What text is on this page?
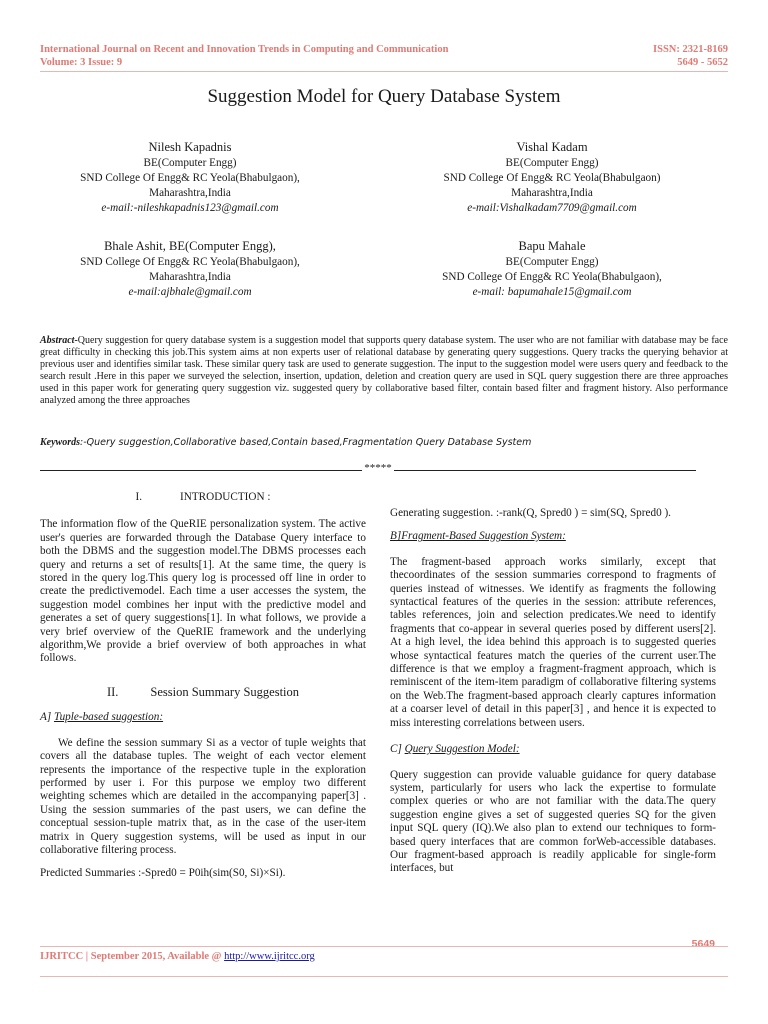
International Journal on Recent and Innovation Trends in Computing and Communication
Volume: 3 Issue: 9
ISSN: 2321-8169
5649 - 5652
Suggestion Model for Query Database System
Nilesh Kapadnis
BE(Computer Engg)
SND College Of Engg& RC Yeola(Bhabulgaon),
Maharashtra,India
e-mail:-nileshkapadnis123@gmail.com
Vishal Kadam
BE(Computer Engg)
SND College Of Engg& RC Yeola(Bhabulgaon)
Maharashtra,India
e-mail:Vishalkadam7709@gmail.com
Bhale Ashit, BE(Computer Engg),
SND College Of Engg& RC Yeola(Bhabulgaon),
Maharashtra,India
e-mail:ajbhale@gmail.com
Bapu Mahale
BE(Computer Engg)
SND College Of Engg& RC Yeola(Bhabulgaon),
e-mail: bapumahale15@gmail.com
Abstract-Query suggestion for query database system is a suggestion model that supports query database system. The user who are not familiar with database may be face great difficulty in checking this job.This system aims at non experts user of relational database by generating query suggestions. Query tracks the querying behavior at previous user and identifies similar task. These similar query task are used to generate suggestion. The input to the suggestion model were users query and feedback to the search result .Here in this paper we surveyed the selection, insertion, updation, deletion and creation query are used in SQL query suggestion there are three approaches used in this paper work for generating query suggestion viz. suggested query by collaborative based filter, contain based filter and fragment history. Also performance analyzed among the three approaches
Keywords:-Query suggestion,Collaborative based,Contain based,Fragmentation Query Database System
*****

I.	INTRODUCTION :

The information flow of the QueRIE personalization system. The active user's queries are forwarded through the Database Query interface to both the DBMS and the suggestion model.The DBMS processes each query and returns a set of results[1]. At the same time, the query is stored in the query log.This query log is processed off line in order to create the predictivemodel. Each time a user accesses the system, the suggestion model combines her input with the predictive model and generates a set of query suggestions[1]. In what follows, we provide a very brief overview of the QueRIE framework and the underlying algorithm,We provide a brief overview of both approaches in what follows.

II.	Session Summary Suggestion

A] Tuple-based suggestion:

We define the session summary Si as a vector of tuple weights that covers all the database tuples. The weight of each vector element represents the importance of the respective tuple in the exploration performed by user i. For this purpose we employ two different weighting schemes which are detailed in the accompanying paper[3] . Using the session summaries of the past users, we can define the conceptual session-tuple matrix that, as in the case of the user-item matrix in Query suggestion systems, will be used as input in our collaborative filtering process.

Predicted Summaries :-Spred0 = P0ih(sim(S0, Si)×Si).

Generating suggestion. :-rank(Q, Spred0 ) = sim(SQ, Spred0 ).

B]Fragment-Based Suggestion System:

The fragment-based approach works similarly, except that thecoordinates of the session summaries correspond to fragments of queries instead of witnesses. We identify as fragments the following syntactical features of the queries in the session: attribute references, tables references, join and selection predicates.We need to identify fragments that co-appear in several queries posed by different users[2]. At a high level, the idea behind this approach is to suggested queries whose syntactical features match the queries of the current user.The difference is that we employ a fragment-fragment approach, which is reminiscent of the item-item paradigm of collaborative filtering systems on the Web.The fragment-based approach clearly captures information at a coarser level of detail in this paper[3] , and hence it is expected to miss interesting correlations between users.

C] Query Suggestion Model:

Query suggestion can provide valuable guidance for query database system, particularly for users who lack the expertise to formulate complex queries or who are not familiar with the data.The query suggestion engine gives a set of suggested queries SQ for the given input SQL query (IQ).We also plan to extend our techniques to form-based query interfaces that are common forWeb-accessible databases. Our fragment-based approach is readily applicable for single-form interfaces, but

5649
IJRITCC | September 2015, Available @ http://www.ijritcc.org
